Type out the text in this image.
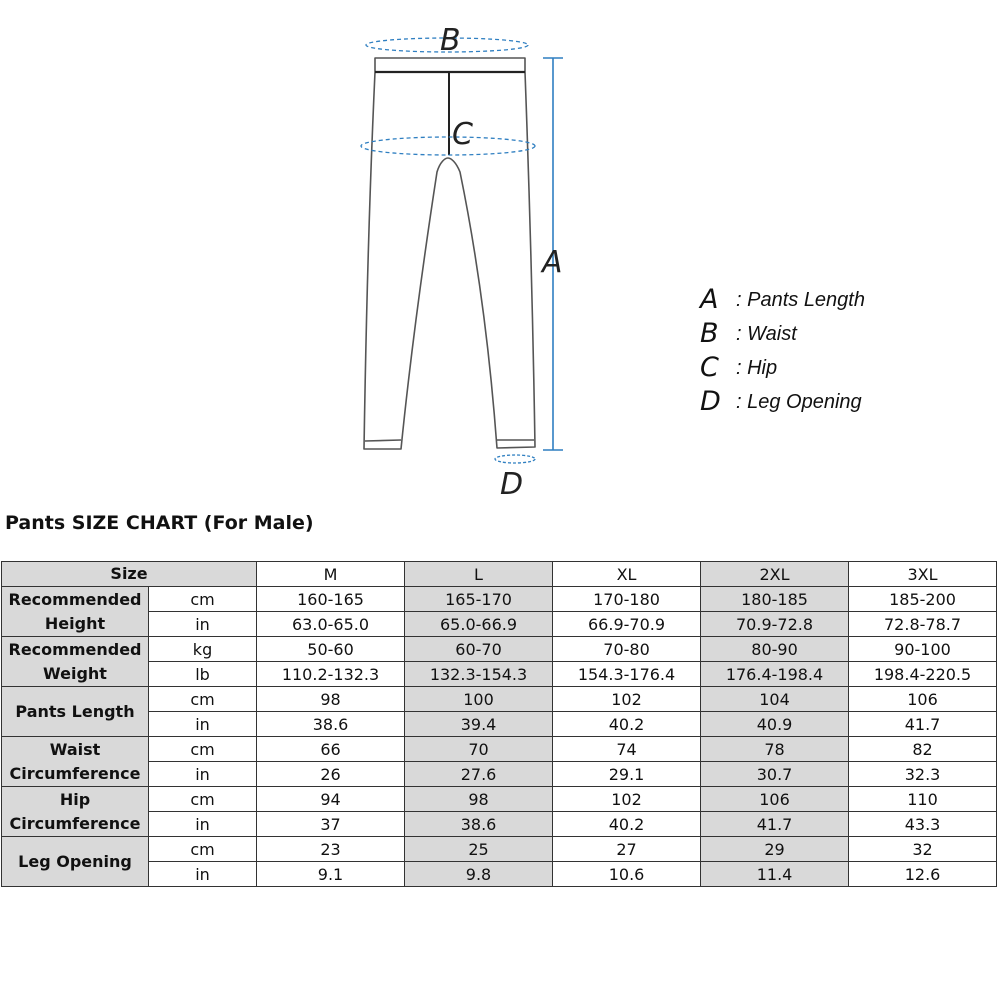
B
C
A
D
A : Pants Length
B : Waist
C : Hip
D : Leg Opening
Pants SIZE CHART (For Male)
Size		M	L	XL	2XL	3XL
Recommended Height	cm	160-165	165-170	170-180	180-185	185-200
	in	63.0-65.0	65.0-66.9	66.9-70.9	70.9-72.8	72.8-78.7
Recommended Weight	kg	50-60	60-70	70-80	80-90	90-100
	lb	110.2-132.3	132.3-154.3	154.3-176.4	176.4-198.4	198.4-220.5
Pants Length	cm	98	100	102	104	106
	in	38.6	39.4	40.2	40.9	41.7
Waist Circumference	cm	66	70	74	78	82
	in	26	27.6	29.1	30.7	32.3
Hip Circumference	cm	94	98	102	106	110
	in	37	38.6	40.2	41.7	43.3
Leg Opening	cm	23	25	27	29	32
	in	9.1	9.8	10.6	11.4	12.6
